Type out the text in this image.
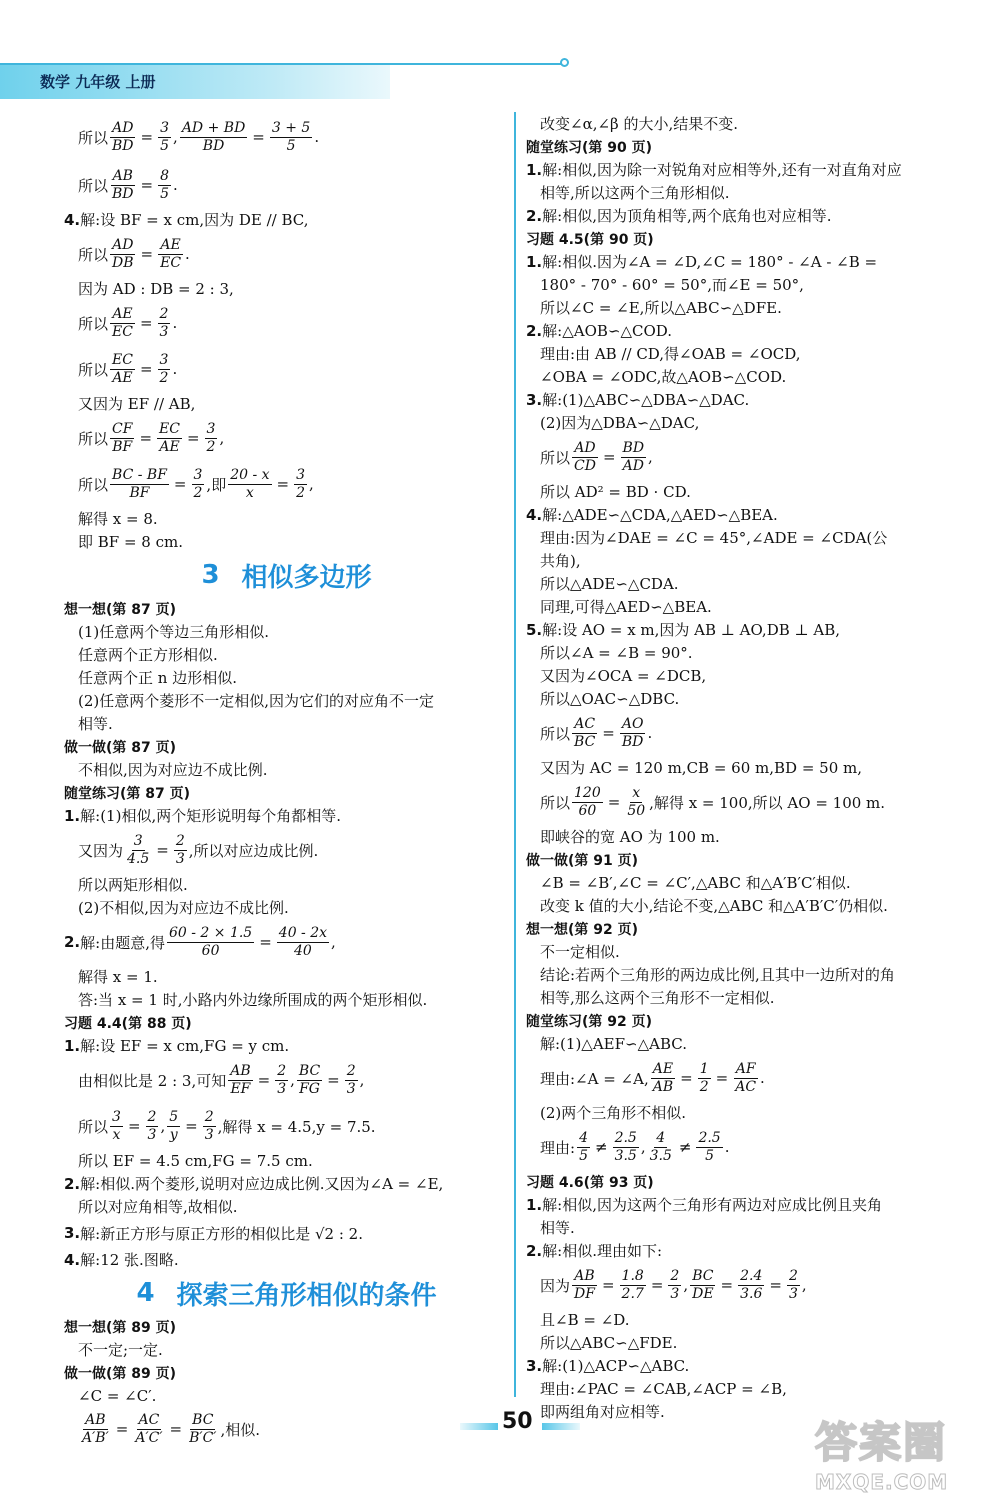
数学 九年级 上册
所以 $\frac{AD}{BD} = \frac{3}{5}$ , $\frac{AD + BD}{BD} = \frac{3 + 5}{5}$ .
所以 $\frac{AB}{BD} = \frac{8}{5}$ .
4. 解:设 BF = x cm,因为 DE // BC,
所以 $\frac{AD}{DB} = \frac{AE}{EC}$ .
因为 AD : DB = 2 : 3,
所以 $\frac{AE}{EC} = \frac{2}{3}$ .
所以 $\frac{EC}{AE} = \frac{3}{2}$ .
又因为 EF // AB,
所以 $\frac{CF}{BF} = \frac{EC}{AE} = \frac{3}{2}$ ,
所以 $\frac{BC - BF}{BF} = \frac{3}{2}$ ,即 $\frac{20 - x}{x} = \frac{3}{2}$ ,
解得 x = 8.
即 BF = 8 cm.
3 相似多边形
想一想(第 87 页)
(1)任意两个等边三角形相似.
任意两个正方形相似.
任意两个正 n 边形相似.
(2)任意两个菱形不一定相似,因为它们的对应角不一定
相等.
做一做(第 87 页)
不相似,因为对应边不成比例.
随堂练习(第 87 页)
1. 解:(1)相似,两个矩形说明每个角都相等.
又因为 $\frac{3}{4.5} = \frac{2}{3}$ ,所以对应边成比例.
所以两矩形相似.
(2)不相似,因为对应边不成比例.
2. 解:由题意,得 $\frac{60 - 2 \times 1.5}{60} = \frac{40 - 2x}{40}$ ,
解得 x = 1.
答:当 x = 1 时,小路内外边缘所围成的两个矩形相似.
习题 4.4(第 88 页)
1. 解:设 EF = x cm,FG = y cm.
由相似比是 2 : 3,可知 $\frac{AB}{EF} = \frac{2}{3}$ , $\frac{BC}{FG} = \frac{2}{3}$ ,
所以 $\frac{3}{x} = \frac{2}{3}$ , $\frac{5}{y} = \frac{2}{3}$ ,解得 x = 4.5,y = 7.5.
所以 EF = 4.5 cm,FG = 7.5 cm.
2. 解:相似.两个菱形,说明对应边成比例.又因为∠A = ∠E,
所以对应角相等,故相似.
3. 解:新正方形与原正方形的相似比是 √2 : 2.
4. 解:12 张.图略.
4 探索三角形相似的条件
想一想(第 89 页)
不一定;一定.
做一做(第 89 页)
∠C = ∠C′.
$\frac{AB}{A'B'} = \frac{AC}{A'C'} = \frac{BC}{B'C'}$ ,相似.
改变∠α,∠β 的大小,结果不变.
随堂练习(第 90 页)
1. 解:相似,因为除一对锐角对应相等外,还有一对直角对应
相等,所以这两个三角形相似.
2. 解:相似,因为顶角相等,两个底角也对应相等.
习题 4.5(第 90 页)
1. 解:相似.因为∠A = ∠D,∠C = 180° - ∠A - ∠B =
180° - 70° - 60° = 50°,而∠E = 50°,
所以∠C = ∠E,所以△ABC∽△DFE.
2. 解:△AOB∽△COD.
理由:由 AB // CD,得∠OAB = ∠OCD,
∠OBA = ∠ODC,故△AOB∽△COD.
3. 解:(1)△ABC∽△DBA∽△DAC.
(2)因为△DBA∽△DAC,
所以 $\frac{AD}{CD} = \frac{BD}{AD}$ ,
所以 AD² = BD · CD.
4. 解:△ADE∽△CDA,△AED∽△BEA.
理由:因为∠DAE = ∠C = 45°,∠ADE = ∠CDA(公
共角),
所以△ADE∽△CDA.
同理,可得△AED∽△BEA.
5. 解:设 AO = x m,因为 AB ⊥ AO,DB ⊥ AB,
所以∠A = ∠B = 90°.
又因为∠OCA = ∠DCB,
所以△OAC∽△DBC.
所以 $\frac{AC}{BC} = \frac{AO}{BD}$ .
又因为 AC = 120 m,CB = 60 m,BD = 50 m,
所以 $\frac{120}{60} = \frac{x}{50}$ ,解得 x = 100,所以 AO = 100 m.
即峡谷的宽 AO 为 100 m.
做一做(第 91 页)
∠B = ∠B′,∠C = ∠C′,△ABC 和△A′B′C′相似.
改变 k 值的大小,结论不变,△ABC 和△A′B′C′仍相似.
想一想(第 92 页)
不一定相似.
结论:若两个三角形的两边成比例,且其中一边所对的角
相等,那么这两个三角形不一定相似.
随堂练习(第 92 页)
解:(1)△AEF∽△ABC.
理由:∠A = ∠A, $\frac{AE}{AB} = \frac{1}{2} = \frac{AF}{AC}$ .
(2)两个三角形不相似.
理由: $\frac{4}{5} \ne \frac{2.5}{3.5}$ , $\frac{4}{3.5} \ne \frac{2.5}{5}$ .
习题 4.6(第 93 页)
1. 解:相似,因为这两个三角形有两边对应成比例且夹角
相等.
2. 解:相似.理由如下:
因为 $\frac{AB}{DF} = \frac{1.8}{2.7} = \frac{2}{3}$ , $\frac{BC}{DE} = \frac{2.4}{3.6} = \frac{2}{3}$ ,
且∠B = ∠D.
所以△ABC∽△FDE.
3. 解:(1)△ACP∽△ABC.
理由:∠PAC = ∠CAB,∠ACP = ∠B,
即两组角对应相等.
50	答案圈
MXQE.COM
